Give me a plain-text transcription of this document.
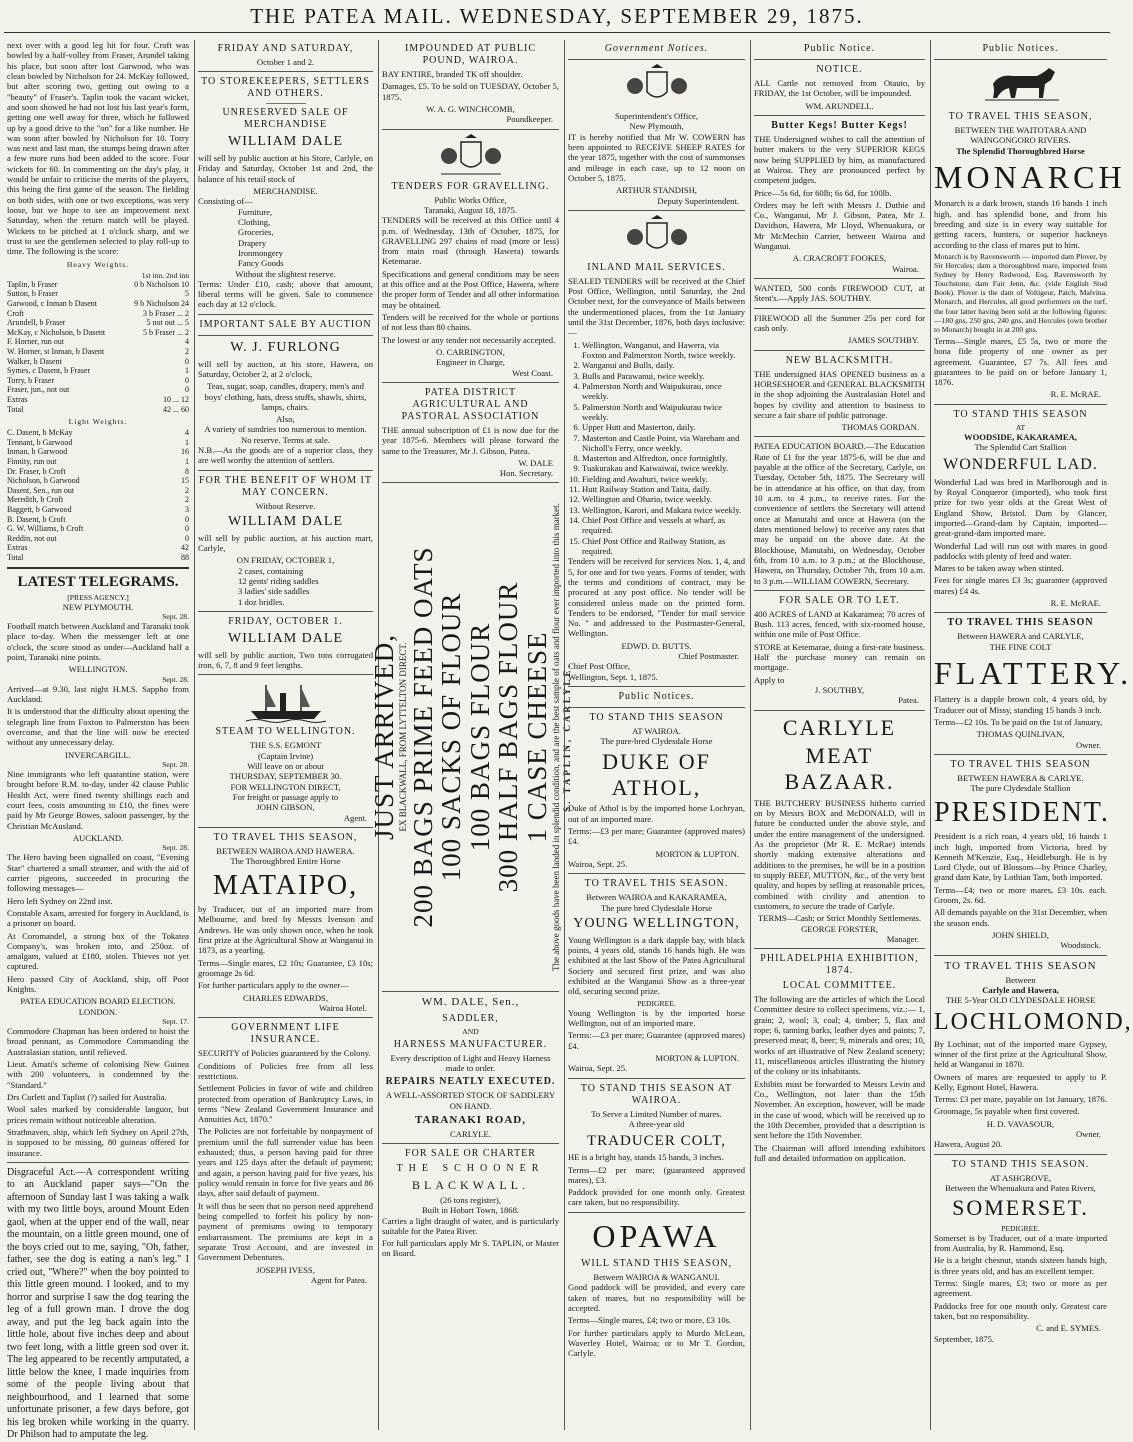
THE PATEA MAIL. WEDNESDAY, SEPTEMBER 29, 1875.

next over with a good leg hit for four. Croft was bowled by a half-volley from Fraser, Arundel taking his place, but soon after lost Garwood, who was clean bowled by Nicholson for 24. McKay followed, but after scoring two, getting out owing to a "beauty" of Fraser's. Taplin took the vacant wicket, and soon showed he had not lost his last year's form, getting one well away for three, which he followed up by a good drive to the "on" for a like number. He was soon after bowled by Nicholson for 10. Torry was next and last man, the stumps being drawn after a few more runs had been added to the score. Four wickets for 60. In commenting on the day's play, it would be unfair to criticise the merits of the players, this being the first game of the season. The fielding on both sides, with one or two exceptions, was very loose, but we hope to see an improvement next Saturday, when the return match will be played. Wickets to be pitched at 1 o'clock sharp, and we trust to see the gentlemen selected to play roll-up to time. The following is the score:

Heavy Weights.
1st inn. 2nd inn
Taplin, b Fraser	0 b Nicholson 10
Sutton, b Fraser	5
Garwood, c Inman b Dasent	9 b Nicholson 24
Croft	3 b Fraser ... 2
Arundell, b Fraser	5 not out ... 5
McKay, c Nicholson, b Dasent	5 b Fraser ... 2
F. Horner, run out	4
W. Horner, st Inman, b Dasent	2
Walker, b Dasent	0
Symes, c Dasent, b Fraser	1
Torry, b Fraser	0
Fraser, jun., not out	0
Extras	10 ... 12
Total	42 ... 60
Light Weights.
C. Dasent, b McKay	4
Tennant, b Garwood	1
Inman, b Garwood	16
Finnity, run out	1
Dr. Fraser, b Croft	8
Nicholson, b Garwood	15
Dasent, Sen., run out	2
Meredith, b Croft	2
Baggett, b Garwood	3
B. Dasent, b Croft	0
G. W. Williams, b Croft	0
Reddin, not out	0
Extras	42
Total	88
LATEST TELEGRAMS.
[PRESS AGENCY.]
NEW PLYMOUTH.
Sept. 28.

Football match between Auckland and Taranaki took place to-day. When the messenger left at one o'clock, the score stood as under—Auckland half a point, Taranaki nine points.

WELLINGTON.
Sept. 28.

Arrived—at 9.30, last night H.M.S. Sappho from Auckland.

It is understood that the difficulty about opening the telegraph line from Foxton to Palmerston has been overcome, and that the line will now be erected without any unnecessary delay.

INVERCARGILL.
Sept. 28.

Nine immigrants who left quarantine station, were brought before R.M. to-day, under 42 clause Public Health Act, were fined twenty shillings each and court fees, costs amounting to £10, the fines were paid by Mr George Bowes, saloon passenger, by the Christian McAusland.

AUCKLAND.
Sept. 28.

The Hero having been signalled on coast, "Evening Star" chartered a small steamer, and with the aid of carrier pigeons, succeeded in procuring the following messages—

Hero left Sydney on 22nd inst.

Constable Axam, arrested for forgery in Auckland, is a prisoner on board.

At Coromandel, a strong box of the Tokatea Company's, was broken into, and 250oz. of amalgam, valued at £180, stolen. Thieves not yet captured.

Hero passed City of Auckland, ship, off Poor Knights.

PATEA EDUCATION BOARD ELECTION.
LONDON.
Sept. 17.

Commodore Chapman has been ordered to hoist the broad pennant, as Commodore Commanding the Australasian station, until relieved.

Lieut. Amati's scheme of colonising New Guinea with 200 volunteers, is condemned by the "Standard."

Drs Corlett and Taplist (?) sailed for Australia.

Wool sales marked by considerable languor, but prices remain without noticeable alteration.

Strathnaven, ship, which left Sydney on April 27th, is supposed to be missing, 80 guineas offered for insurance.

Disgraceful Act.—A correspondent writing to an Auckland paper says—"On the afternoon of Sunday last I was taking a walk with my two little boys, around Mount Eden gaol, when at the upper end of the wall, near the mountain, on a little green mound, one of the boys cried out to me, saying, "Oh, father, father, see the dog is eating a nan's leg." I cried out, "Where?" when the boy pointed to this little green mound. I looked, and to my horror and surprise I saw the dog tearing the leg of a full grown man. I drove the dog away, and put the leg back again into the little hole, about five inches deep and about two feet long, with a little green sod over it. The leg appeared to be recently amputated, a little below the knee, I made inquiries from some of the people living about that neighbourhood, and I learned that some unfortunate prisoner, a few days before, got his leg broken while working in the quarry. Dr Philson had to amputate the leg.

FRIDAY AND SATURDAY,
October 1 and 2.
TO STOREKEEPERS, SETTLERS AND OTHERS.
UNRESERVED SALE OF MERCHANDISE
WILLIAM DALE

will sell by public auction at his Store, Carlyle, on Friday and Saturday, October 1st and 2nd, the balance of his retail stock of

MERCHANDISE.
Consisting of—
Furniture,
Clothing,
Groceries,
Drapery
Ironmongery
Fancy Goods
Without the slightest reserve.

Terms: Under £10, cash; above that amount, liberal terms will be given. Sale to commence each day at 12 o'clock.

IMPORTANT SALE BY AUCTION
W. J. FURLONG

will sell by auction, at his store, Hawera, on Saturday, October 2, at 2 o'clock,

Teas, sugar, soap, candles, drapery, men's and boys' clothing, hats, dress stuffs, shawls, shirts, lamps, chairs.

Also,
A variety of sundries too numerous to mention.
No reserve. Terms at sale.

N.B.—As the goods are of a superior class, they are well worthy the attention of settlers.

FOR THE BENEFIT OF WHOM IT MAY CONCERN.
Without Reserve.
WILLIAM DALE

will sell by public auction, at his auction mart, Carlyle,

ON FRIDAY, OCTOBER 1,
2 cases, containing
12 gents' riding saddles
3 ladies' side saddles
1 doz bridles.
FRIDAY, OCTOBER 1.
WILLIAM DALE

will sell by public auction, Two tons corrugated iron, 6, 7, 8 and 9 feet lengths.

STEAM TO WELLINGTON.
THE S.S. EGMONT
(Captain Irvine)
Will leave on or about
THURSDAY, SEPTEMBER 30.
FOR WELLINGTON DIRECT,
For freight or passage apply to
JOHN GIBSON,
Agent.
TO TRAVEL THIS SEASON,
BETWEEN WAIROA AND HAWERA.
The Thoroughbred Entire Horse
MATAIPO,

by Traducer, out of an imported mare from Melbourne, and bred by Messrs Ivenson and Andrews. He was only shown once, when he took first prize at the Agricultural Show at Wanganui in 1873, as a yearling.

Terms—Single mares, £2 10s; Guarantee, £3 10s; groomage 2s 6d.

For further particulars apply to the owner—

CHARLES EDWARDS,
Wairoa Hotel.
GOVERNMENT LIFE INSURANCE.

SECURITY of Policies guaranteed by the Colony.

Conditions of Policies free from all less restrictions.

Settlement Policies in favor of wife and children protected from operation of Bankruptcy Laws, in terms "New Zealand Government Insurance and Annuities Act, 1870."

The Policies are not forfeitable by nonpayment of premium until the full surrender value has been exhausted; thus, a person having paid for three years and 125 days after the default of payment; and again, a person having paid for five years, his policy would remain in force for five years and 86 days, after said default of payment.

It will thus be seen that no person need apprehend being compelled to forfeit his policy by non-payment of premiums owing to temporary embarrassment. The premiums are kept in a separate Trust Account, and are invested in Government Debentures.

JOSEPH IVESS,
Agent for Patea.
IMPOUNDED AT PUBLIC POUND, WAIROA.

BAY ENTIRE, branded TK off shoulder.

Damages, £5. To be sold on TUESDAY, October 5, 1875.

W. A. G. WINCHCOMB,
Poundkeeper.
TENDERS FOR GRAVELLING.
Public Works Office,
Taranaki, August 18, 1875.

TENDERS will be received at this Office until 4 p.m. of Wednesday, 13th of October, 1875, for GRAVELLING 297 chains of road (more or less) from main road (through Hawera) towards Ketemarae.

Specifications and general conditions may be seen at this office and at the Post Office, Hawera, where the proper form of Tender and all other information may be obtained.

Tenders will be received for the whole or portions of not less than 80 chains.

The lowest or any tender not necessarily accepted.

O. CARRINGTON,
Engineer in Charge,
West Coast.
PATEA DISTRICT AGRICULTURAL AND PASTORAL ASSOCIATION

THE annual subscription of £1 is now due for the year 1875-6. Members will please forward the same to the Treasurer, Mr J. Gibson, Patea.

W. DALE
Hon. Secretary.
JUST ARRIVED, EX BLACKWALL, FROM LYTTELTON DIRECT. 200 BAGS PRIME FEED OATS
100 SACKS OF FLOUR
100 BAGS FLOUR
300 HALF BAGS FLOUR
1 CASE CHEESE The above goods have been landed in splendid condition, and are the best sample of oats and flour ever imported into this market. S. TAPLIN, CARLYLE.
WM. DALE, Sen.,
SADDLER,
AND
HARNESS MANUFACTURER.

Every description of Light and Heavy Harness made to order.

REPAIRS NEATLY EXECUTED.

A WELL-ASSORTED STOCK OF SADDLERY ON HAND.

TARANAKI ROAD,
CARLYLE.
FOR SALE OR CHARTER
THE SCHOONER
BLACKWALL.
(26 tons register),
Built in Hobart Town, 1868.

Carries a light draught of water, and is particularly suitable for the Patea River.

For full particulars apply Mr S. TAPLIN, or Master on Board.

Government Notices.
Superintendent's Office,
New Plymouth,

IT is hereby notified that Mr W. COWERN has been appointed to RECEIVE SHEEP RATES for the year 1875, together with the cost of summonses and mileage in each case, up to 12 noon on October 5, 1875.

ARTHUR STANDISH,
Deputy Superintendent.
INLAND MAIL SERVICES.

SEALED TENDERS will be received at the Chief Post Office, Wellington, until Saturday, the 2nd October next, for the conveyance of Mails between the undermentioned places, from the 1st January until the 31st December, 1876, both days inclusive:—

1. Wellington, Wanganui, and Hawera, via Foxton and Palmerston North, twice weekly.
2. Wanganui and Bulls, daily.
3. Bulls and Parawanui, twice weekly.
4. Palmerston North and Waipukurau, once weekly.
5. Palmerston North and Waipukurau twice weekly.
6. Upper Hutt and Masterton, daily.
7. Masterton and Castle Point, via Wareham and Nicholl's Ferry, once weekly.
8. Masterton and Alfredton, once fortnightly.
9. Tuakurakau and Kaiwaiwai, twice weekly.
10. Fielding and Awahuri, twice weekly.
11. Hutt Railway Station and Taita, daily.
12. Wellington and Ohario, twice weekly.
13. Wellington, Karori, and Makara twice weekly.
14. Chief Post Office and vessels at wharf, as required.
15. Chief Post Office and Railway Station, as required.

Tenders will be received for services Nos. 1, 4, and 5, for one and for two years. Forms of tender, with the terms and conditions of contract, may be procured at any post office. No tender will be considered unless made on the printed form. Tenders to be endorsed, "Tender for mail service No. " and addressed to the Postmaster-General, Wellington.

EDWD. D. BUTTS.
Chief Postmaster.
Chief Post Office,
Wellington, Sept. 1, 1875.
Public Notices.
TO STAND THIS SEASON
AT WAIROA.
The pure-bred Clydesdale Horse
DUKE OF ATHOL,

Duke of Athol is by the imported horse Lochryan, out of an imported mare.

Terms:—£3 per mare; Guarantee (approved mares) £4.

MORTON & LUPTON.
Wairoa, Sept. 25.
TO TRAVEL THIS SEASON.
Between WAIROA and KAKARAMEA,
The pure bred Clydesdale Horse
YOUNG WELLINGTON,

Young Wellington is a dark dapple bay, with black points, 4 years old, stands 16 hands high. He was exhibited at the last Show of the Patea Agricultural Society and secured first prize, and was also exhibited at the Wanganui Show as a three-year old, securing second prize.

PEDIGREE.

Young Wellington is by the imported horse Wellington, out of an imported mare.

Terms:—£3 per mare; Guarantee (approved mares) £4.

MORTON & LUPTON.
Wairoa, Sept. 25.
TO STAND THIS SEASON AT WAIROA.
To Serve a Limited Number of mares.
A three-year old
TRADUCER COLT,

HE is a bright bay, stands 15 hands, 3 inches.

Terms—£2 per mare; (guaranteed approved mares), £3.

Paddock provided for one month only. Greatest care taken, but no responsibility.

OPAWA
WILL STAND THIS SEASON,
Between WAIROA & WANGANUI.

Good paddock will be provided, and every care taken of mares, but no responsibility will be accepted.

Terms—Single mares, £4; two or more, £3 10s.

For further particulars apply to Murdo McLean, Waverley Hotel, Wairoa; or to Mr T. Gordon, Carlyle.

Public Notice.
NOTICE.

ALL Cattle not removed from Otauto, by FRIDAY, the 1st October, will be impounded.

WM. ARUNDELL.
Butter Kegs! Butter Kegs!

THE Undersigned wishes to call the attention of butter makers to the very SUPERIOR KEGS now being SUPPLIED by him, as manufactured at Wairoa. They are pronounced perfect by competent judges.

Price—5s 6d, for 60lb; 6s 6d, for 100lb.

Orders may be left with Messrs J. Duthie and Co., Wanganui, Mr J. Gibson, Patea, Mr J. Davidson, Hawera, Mr Lloyd, Whenuakura, or Mr McMechin Carrier, between Wairoa and Wanganui.

A. CRACROFT FOOKES,
Wairoa.

WANTED, 500 cords FIREWOOD CUT, at Stent's.—Apply JAS. SOUTHBY.

FIREWOOD all the Summer 25s per cord for cash only.

JAMES SOUTHBY.
NEW BLACKSMITH.

THE undersigned HAS OPENED business as a HORSESHOER and GENERAL BLACKSMITH in the shop adjoining the Australasian Hotel and hopes by civility and attention to business to secure a fair share of public patronage.

THOMAS GORDAN.

PATEA EDUCATION BOARD.—The Education Rate of £1 for the year 1875-6, will be due and payable at the office of the Secretary, Carlyle, on Tuesday, October 5th, 1875. The Secretary will be in attendance at his office, on that day, from 10 a.m. to 4 p.m., to receive rates. For the convenience of settlers the Secretary will attend once at Manutahi and once at Hawera (on the dates mentioned below) to receive any rates that may be unpaid on the above date. At the Blockhouse, Manutahi, on Wednesday, October 6th, from 10 a.m. to 3 p.m.; at the Blockhouse, Hawera, on Thursday, October 7th, from 10 a.m. to 3 p.m.—WILLIAM COWERN, Secretary.

FOR SALE OR TO LET.

400 ACRES of LAND at Kakaramea; 70 acres of Bush. 113 acres, fenced, with six-roomed house, within one mile of Post Office.

STORE at Ketemarae, doing a first-rate business. Half the purchase money can remain on mortgage.

Apply to
J. SOUTHBY,
Patea.
CARLYLE
MEAT BAZAAR.

THE BUTCHERY BUSINESS hitherto carried on by Messrs BOX and McDONALD, will in future be conducted under the above style, and under the entire management of the undersigned. As the proprietor (Mr R. E. McRae) intends shortly making extensive alterations and additions to the premises, he will be in a position to supply BEEF, MUTTON, &c., of the very best quality, and hopes by selling at reasonable prices, combined with civility and attention to customers, to secure the trade of Carlyle.

TERMS—Cash; or Strict Monthly Settlements.
GEORGE FORSTER,
Manager.
PHILADELPHIA EXHIBITION, 1874.
LOCAL COMMITTEE.

The following are the articles of which the Local Committee desire to collect specimens, viz.:— 1, grain; 2, wool; 3, coal; 4, timber; 5, flax and rope; 6, tanning barks, leather dyes and paints; 7, preserved meat; 8, beer; 9, minerals and ores; 10, works of art illustrative of New Zealand scenery; 11, miscellaneous articles illustrating the history of the colony or its inhabitants.

Exhibits must be forwarded to Messrs Levin and Co., Wellington, not later than the 15th November. An exception, however, will be made in the case of wood, which will be received up to the 10th December, provided that a description is sent before the 15th November.

The Chairman will afford intending exhibitors full and detailed information on application.

Public Notices.
TO TRAVEL THIS SEASON,
BETWEEN THE WAITOTARA AND WAINGONGORO RIVERS.
The Splendid Thoroughbred Horse
MONARCH

Monarch is a dark brown, stands 16 hands 1 inch high, and has splendid bone, and from his breeding and size is in every way suitable for getting racers, hunters, or superior hackneys according to the class of mares put to him.

Monarch is by Ravensworth — imported dam Plover, by Sir Hercules; dam a thoroughbred mare, imported from Sydney by Henry Redwood, Esq. Ravensworth by Touchstone, dam Fair Jenn, &c. (vide English Stud Book). Plover is the dam of Voltigeur, Patch, Malvina. Monarch, and Hercules, all good performers on the turf, the four latter having been sold at the following figures:—180 gns, 250 gns, 240 gns, and Hercules (own brother to Monarch) bought in at 200 gns.

Terms—Single mares, £5 5s, two or more the bona fide property of one owner as per agreement. Guarantee, £7 7s. All fees and guarantees to be paid on or before January 1, 1876.

R. E. McRAE.
TO STAND THIS SEASON
AT
WOODSIDE, KAKARAMEA,
The Splendid Cart Stallion
WONDERFUL LAD.

Wonderful Lad was bred in Marlborough and is by Royal Conqueror (imported), who took first prize for two year olds at the Great West of England Show, Bristol. Dam by Glancer, imported—Grand-dam by Captain, imported—great-grand-dam imported mare.

Wonderful Lad will run out with mares in good paddocks with plenty of feed and water.

Mares to be taken away when stinted.

Fees for single mares £3 3s; guarantee (approved mares) £4 4s.

R. E. McRAE.
TO TRAVEL THIS SEASON
Between HAWERA and CARLYLE,
THE FINE COLT
FLATTERY.

Flattery is a dapple brown colt, 4 years old, by Traducer out of Missy, standing 15 hands 3 inch.

Terms—£2 10s. To be paid on the 1st of January,

THOMAS QUINLIVAN,
Owner.
TO TRAVEL THIS SEASON
BETWEEN HAWERA & CARLYE.
The pure Clydesdale Stallion
PRESIDENT.

President is a rich roan, 4 years old, 16 hands 1 inch high, imported from Victoria, bred by Kenneth M'Kenzie, Esq., Heidleburgh. He is by Lord Clyde, out of Blossom—by Prince Charley, grand dam Kate, by Lothian Tam, both imported.

Terms—£4; two or more mares, £3 10s. each. Groom, 2s. 6d.

All demands payable on the 31st December, when the season ends.

JOHN SHIELD,
Woodstock.
TO TRAVEL THIS SEASON
Between
Carlyle and Hawera,
THE 5-Year OLD CLYDESDALE HORSE
LOCHLOMOND,

By Lochinar, out of the imported mare Gypsey, winner of the first prize at the Agricultural Show, held at Wanganui in 1870.

Owners of mares are requested to apply to P. Kelly, Egmont Hotel, Hawera.

Terms: £3 per mare, payable on 1st January, 1876.

Groomage, 5s payable when first covered.

H. D. VAVASOUR,
Owner.
Hawera, August 20.
TO STAND THIS SEASON.
AT ASHGROVE,
Between the Whenuakura and Patea Rivers,
SOMERSET.
PEDIGREE.

Somerset is by Traducer, out of a mare imported from Australia, by R. Hammond, Esq.

He is a bright chesnut, stands sixteen hands high, is three years old, and has an excellent temper.

Terms: Single mares, £3; two or more as per agreement.

Paddocks free for one month only. Greatest care taken, but no responsibility.

C. and E. SYMES.
September, 1875.
